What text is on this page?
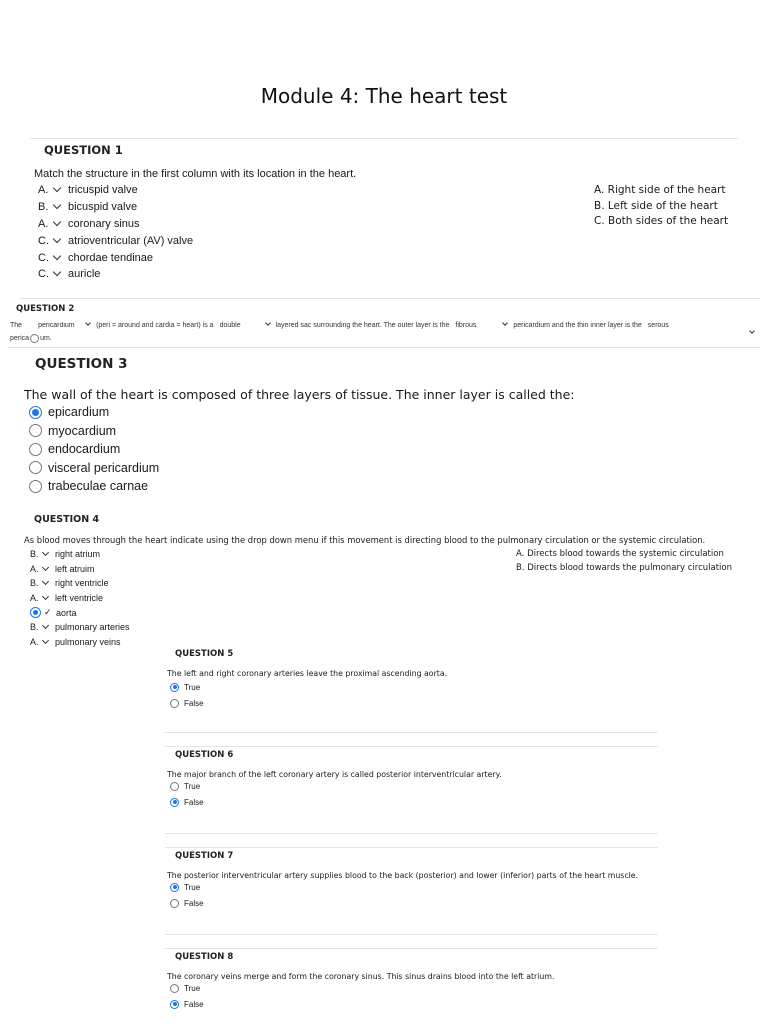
Module 4: The heart test
QUESTION 1
Match the structure in the first column with its location in the heart.
A. tricuspid valve
B. bicuspid valve
A. coronary sinus
C. atrioventricular (AV) valve
C. chordae tendinae
C. auricle
A. Right side of the heart
B. Left side of the heart
C. Both sides of the heart
QUESTION 2
The pericardium	(peri = around and cardia = heart) is a double	layered sac surrounding the heart. The outer layer is the fibrous	pericardium and the thin inner layer is the serous
perica um.
QUESTION 3
The wall of the heart is composed of three layers of tissue. The inner layer is called the:
epicardium
myocardium
endocardium
visceral pericardium
trabeculae carnae
QUESTION 4
As blood moves through the heart indicate using the drop down menu if this movement is directing blood to the pulmonary circulation or the systemic circulation.
B. right atrium
A. left atruim
B. right ventricle
A. left ventricle
✓ aorta
B. pulmonary arteries
A. pulmonary veins
A. Directs blood towards the systemic circulation
B. Directs blood towards the pulmonary circulation
QUESTION 5
The left and right coronary arteries leave the proximal ascending aorta.
True
False
QUESTION 6
The major branch of the left coronary artery is called posterior interventricular artery.
True
False
QUESTION 7
The posterior interventricular artery supplies blood to the back (posterior) and lower (inferior) parts of the heart muscle.
True
False
QUESTION 8
The coronary veins merge and form the coronary sinus. This sinus drains blood into the left atrium.
True
False
